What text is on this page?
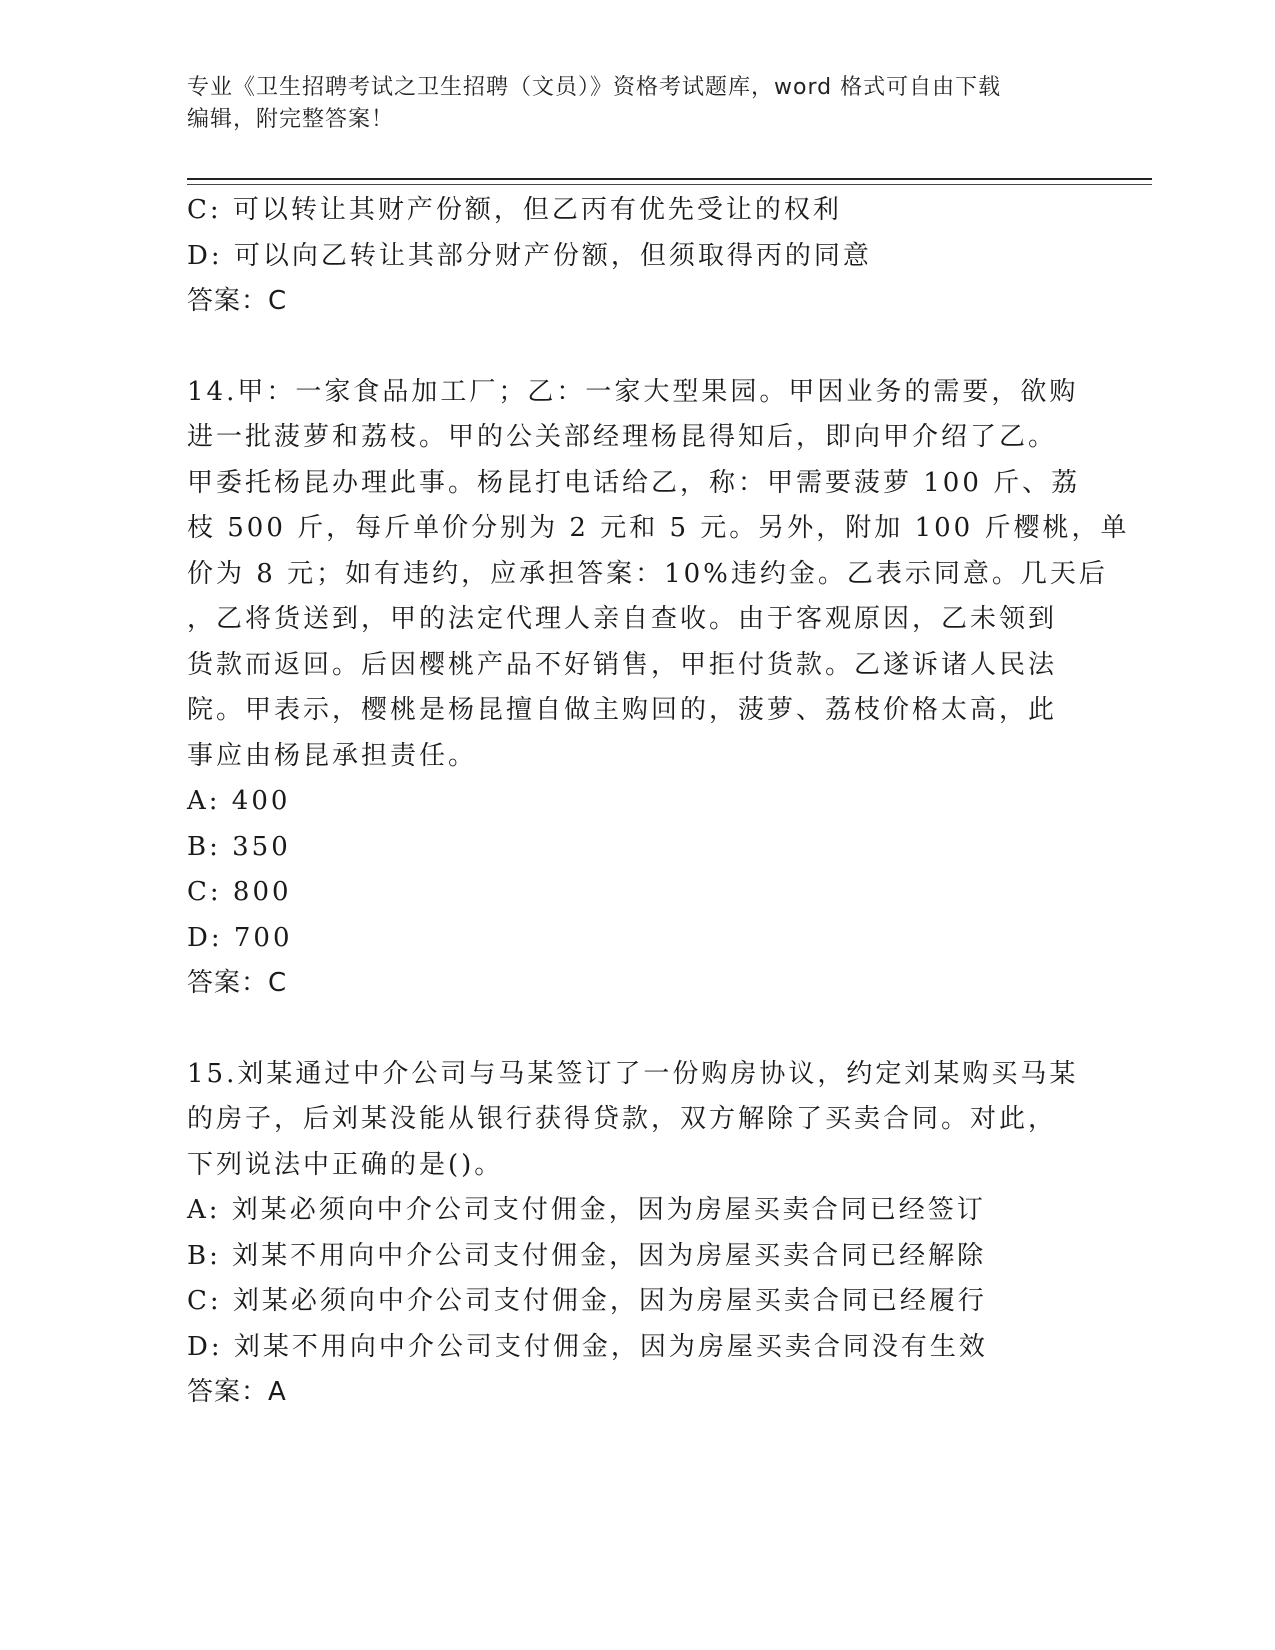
专业《卫生招聘考试之卫生招聘（文员）》资格考试题库，word 格式可自由下载

编辑，附完整答案！

C: 可以转让其财产份额，但乙丙有优先受让的权利

D: 可以向乙转让其部分财产份额，但须取得丙的同意

答案：C

14.甲：一家食品加工厂；乙：一家大型果园。甲因业务的需要，欲购

进一批菠萝和荔枝。甲的公关部经理杨昆得知后，即向甲介绍了乙。

甲委托杨昆办理此事。杨昆打电话给乙，称：甲需要菠萝 100 斤、荔

枝 500 斤，每斤单价分别为 2 元和 5 元。另外，附加 100 斤樱桃，单

价为 8 元；如有违约，应承担答案：10%违约金。乙表示同意。几天后

，乙将货送到，甲的法定代理人亲自查收。由于客观原因，乙未领到

货款而返回。后因樱桃产品不好销售，甲拒付货款。乙遂诉诸人民法

院。甲表示，樱桃是杨昆擅自做主购回的，菠萝、荔枝价格太高，此

事应由杨昆承担责任。

A: 400

B: 350

C: 800

D: 700

答案：C

15.刘某通过中介公司与马某签订了一份购房协议，约定刘某购买马某

的房子，后刘某没能从银行获得贷款，双方解除了买卖合同。对此，

下列说法中正确的是()。

A: 刘某必须向中介公司支付佣金，因为房屋买卖合同已经签订

B: 刘某不用向中介公司支付佣金，因为房屋买卖合同已经解除

C: 刘某必须向中介公司支付佣金，因为房屋买卖合同已经履行

D: 刘某不用向中介公司支付佣金，因为房屋买卖合同没有生效

答案：A
